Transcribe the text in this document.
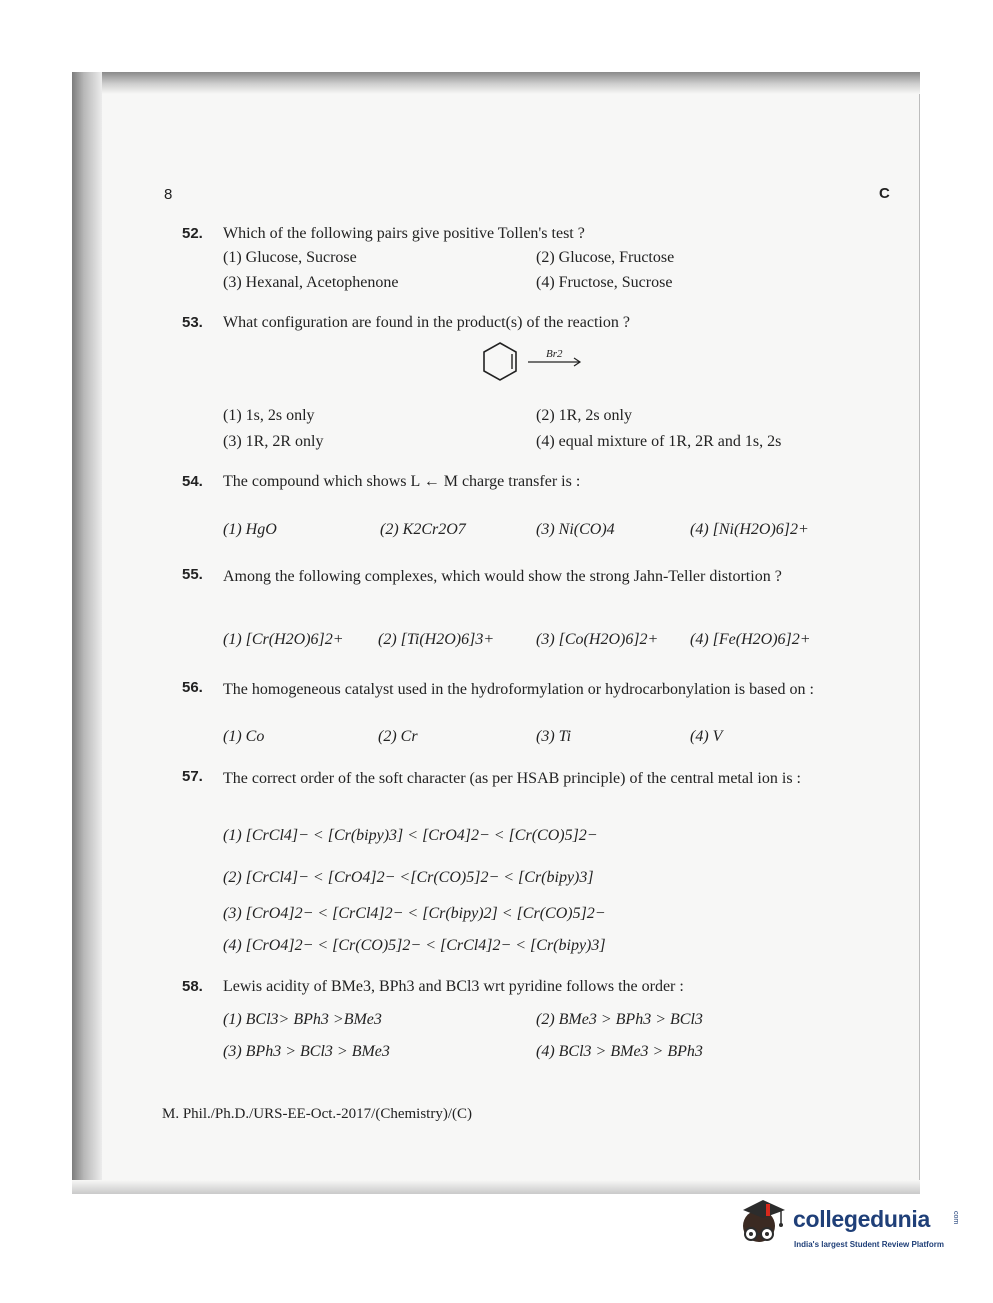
8	C
52. Which of the following pairs give positive Tollen's test ?
(1) Glucose, Sucrose	(2) Glucose, Fructose
(3) Hexanal, Acetophenone	(4) Fructose, Sucrose
53. What configuration are found in the product(s) of the reaction ?
Br2
(1) 1s, 2s only	(2) 1R, 2s only
(3) 1R, 2R only	(4) equal mixture of 1R, 2R and 1s, 2s
54. The compound which shows L ← M charge transfer is :
(1) HgO	(2) K2Cr2O7	(3) Ni(CO)4	(4) [Ni(H2O)6]2+
55. Among the following complexes, which would show the strong Jahn-Teller distortion ?
(1) [Cr(H2O)6]2+ (2) [Ti(H2O)6]3+	(3) [Co(H2O)6]2+ (4) [Fe(H2O)6]2+
56. The homogeneous catalyst used in the hydroformylation or hydrocarbonylation is based on :
(1) Co	(2) Cr	(3) Ti	(4) V
57. The correct order of the soft character (as per HSAB principle) of the central metal ion is :
(1) [CrCl4]− < [Cr(bipy)3] < [CrO4]2− < [Cr(CO)5]2−
(2) [CrCl4]− < [CrO4]2− <[Cr(CO)5]2− < [Cr(bipy)3]
(3) [CrO4]2− < [CrCl4]2− < [Cr(bipy)2] < [Cr(CO)5]2−
(4) [CrO4]2− < [Cr(CO)5]2− < [CrCl4]2− < [Cr(bipy)3]
58. Lewis acidity of BMe3, BPh3 and BCl3 wrt pyridine follows the order :
(1) BCl3> BPh3 >BMe3	(2) BMe3 > BPh3 > BCl3
(3) BPh3 > BCl3 > BMe3	(4) BCl3 > BMe3 > BPh3
M. Phil./Ph.D./URS-EE-Oct.-2017/(Chemistry)/(C)
collegedunia	com
India's largest Student Review Platform
